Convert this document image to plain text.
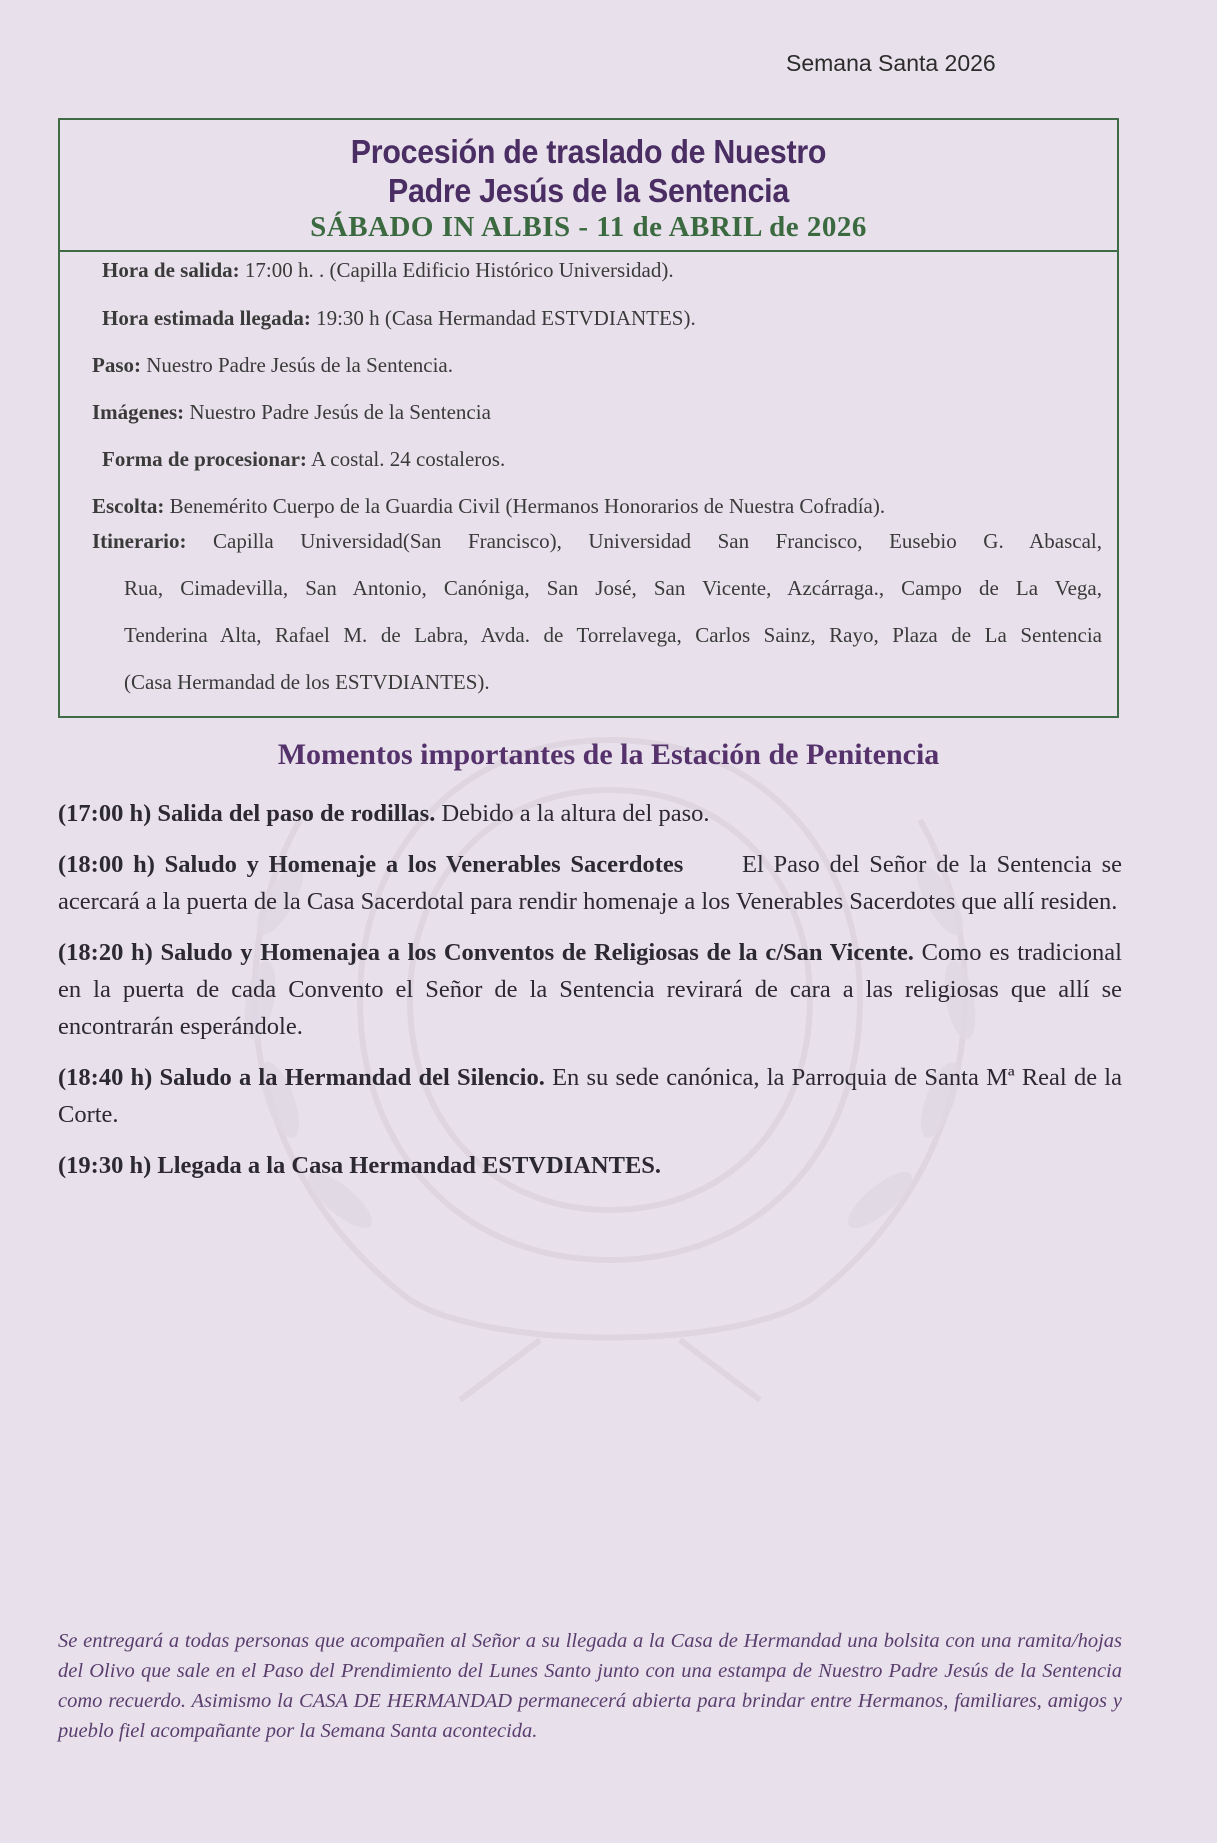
Semana Santa 2026
Procesión de traslado de Nuestro
Padre Jesús de la Sentencia
SÁBADO IN ALBIS - 11 de ABRIL de 2026
Hora de salida: 17:00 h. . (Capilla Edificio Histórico Universidad).
Hora estimada llegada: 19:30 h (Casa Hermandad ESTVDIANTES).
Paso: Nuestro Padre Jesús de la Sentencia.
Imágenes: Nuestro Padre Jesús de la Sentencia
Forma de procesionar: A costal. 24 costaleros.
Escolta: Benemérito Cuerpo de la Guardia Civil (Hermanos Honorarios de Nuestra Cofradía).
Itinerario: Capilla Universidad(San Francisco), Universidad San Francisco, Eusebio G. Abascal,
Rua, Cimadevilla, San Antonio, Canóniga, San José, San Vicente, Azcárraga., Campo de La Vega,
Tenderina Alta, Rafael M. de Labra, Avda. de Torrelavega, Carlos Sainz, Rayo, Plaza de La Sentencia
(Casa Hermandad de los ESTVDIANTES).
Momentos importantes de la Estación de Penitencia

(17:00 h) Salida del paso de rodillas. Debido a la altura del paso.

(18:00 h) Saludo y Homenaje a los Venerables Sacerdotes      El Paso del Señor de la Sentencia se acercará a la puerta de la Casa Sacerdotal para rendir homenaje a los Venerables Sacerdotes que allí residen.

(18:20 h) Saludo y Homenajea a los Conventos de Religiosas de la c/San Vicente. Como es tradicional en la puerta de cada Convento el Señor de la Sentencia revirará de cara a las religiosas que allí se encontrarán esperándole.

(18:40 h) Saludo a la Hermandad del Silencio. En su sede canónica, la Parroquia de Santa Mª Real de la Corte.

(19:30 h) Llegada a la Casa Hermandad ESTVDIANTES.

Se entregará a todas personas que acompañen al Señor a su llegada a la Casa de Hermandad una bolsita con una ramita/hojas del Olivo que sale en el Paso del Prendimiento del Lunes Santo junto con una estampa de Nuestro Padre Jesús de la Sentencia como recuerdo. Asimismo la CASA DE HERMANDAD permanecerá abierta para brindar entre Hermanos, familiares, amigos y pueblo fiel acompañante por la Semana Santa acontecida.
